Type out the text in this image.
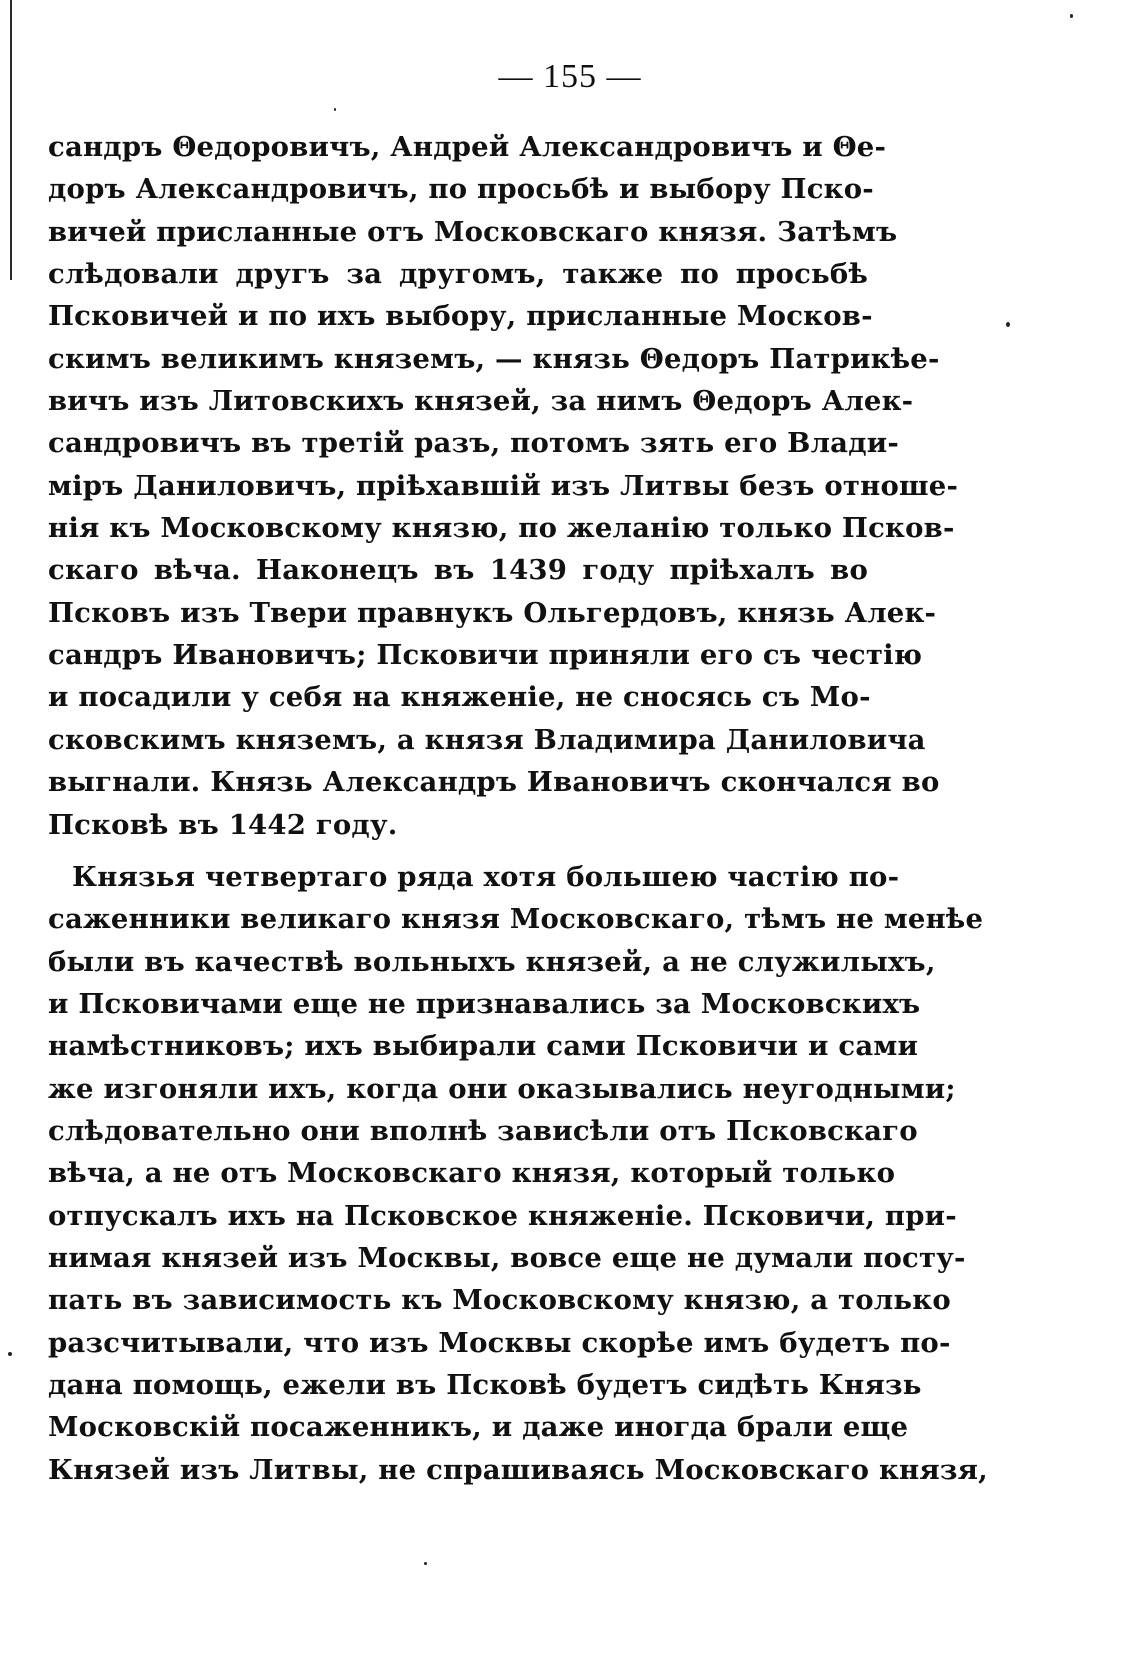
— 155 —
сандръ Θедоровичъ, Андрей Александровичъ и Θе-
доръ Александровичъ, по просьбѣ и выбору Пско-
вичей присланные отъ Московскаго князя. Затѣмъ
слѣдовали другъ за другомъ, также по просьбѣ
Псковичей и по ихъ выбору, присланные Москов-
скимъ великимъ княземъ, — князь Θедоръ Патрикѣе-
вичъ изъ Литовскихъ князей, за нимъ Θедоръ Алек-
сандровичъ въ третій разъ, потомъ зять его Влади-
міръ Даниловичъ, пріѣхавшій изъ Литвы безъ отноше-
нія къ Московскому князю, по желанію только Псков-
скаго вѣча. Наконецъ въ 1439 году пріѣхалъ во
Псковъ изъ Твери правнукъ Ольгердовъ, князь Алек-
сандръ Ивановичъ; Псковичи приняли его съ честію
и посадили у себя на княженіе, не сносясь съ Мо-
сковскимъ княземъ, а князя Владимира Даниловича
выгнали. Князь Александръ Ивановичъ скончался во
Псковѣ въ 1442 году.
Князья четвертаго ряда хотя большею частію по-
саженники великаго князя Московскаго, тѣмъ не менѣе
были въ качествѣ вольныхъ князей, а не служилыхъ,
и Псковичами еще не признавались за Московскихъ
намѣстниковъ; ихъ выбирали сами Псковичи и сами
же изгоняли ихъ, когда они оказывались неугодными;
слѣдовательно они вполнѣ зависѣли отъ Псковскаго
вѣча, а не отъ Московскаго князя, который только
отпускалъ ихъ на Псковское княженіе. Псковичи, при-
нимая князей изъ Москвы, вовсе еще не думали посту-
пать въ зависимость къ Московскому князю, а только
разсчитывали, что изъ Москвы скорѣе имъ будетъ по-
дана помощь, ежели въ Псковѣ будетъ сидѣть Князь
Московскій посаженникъ, и даже иногда брали еще
Князей изъ Литвы, не спрашиваясь Московскаго князя,
